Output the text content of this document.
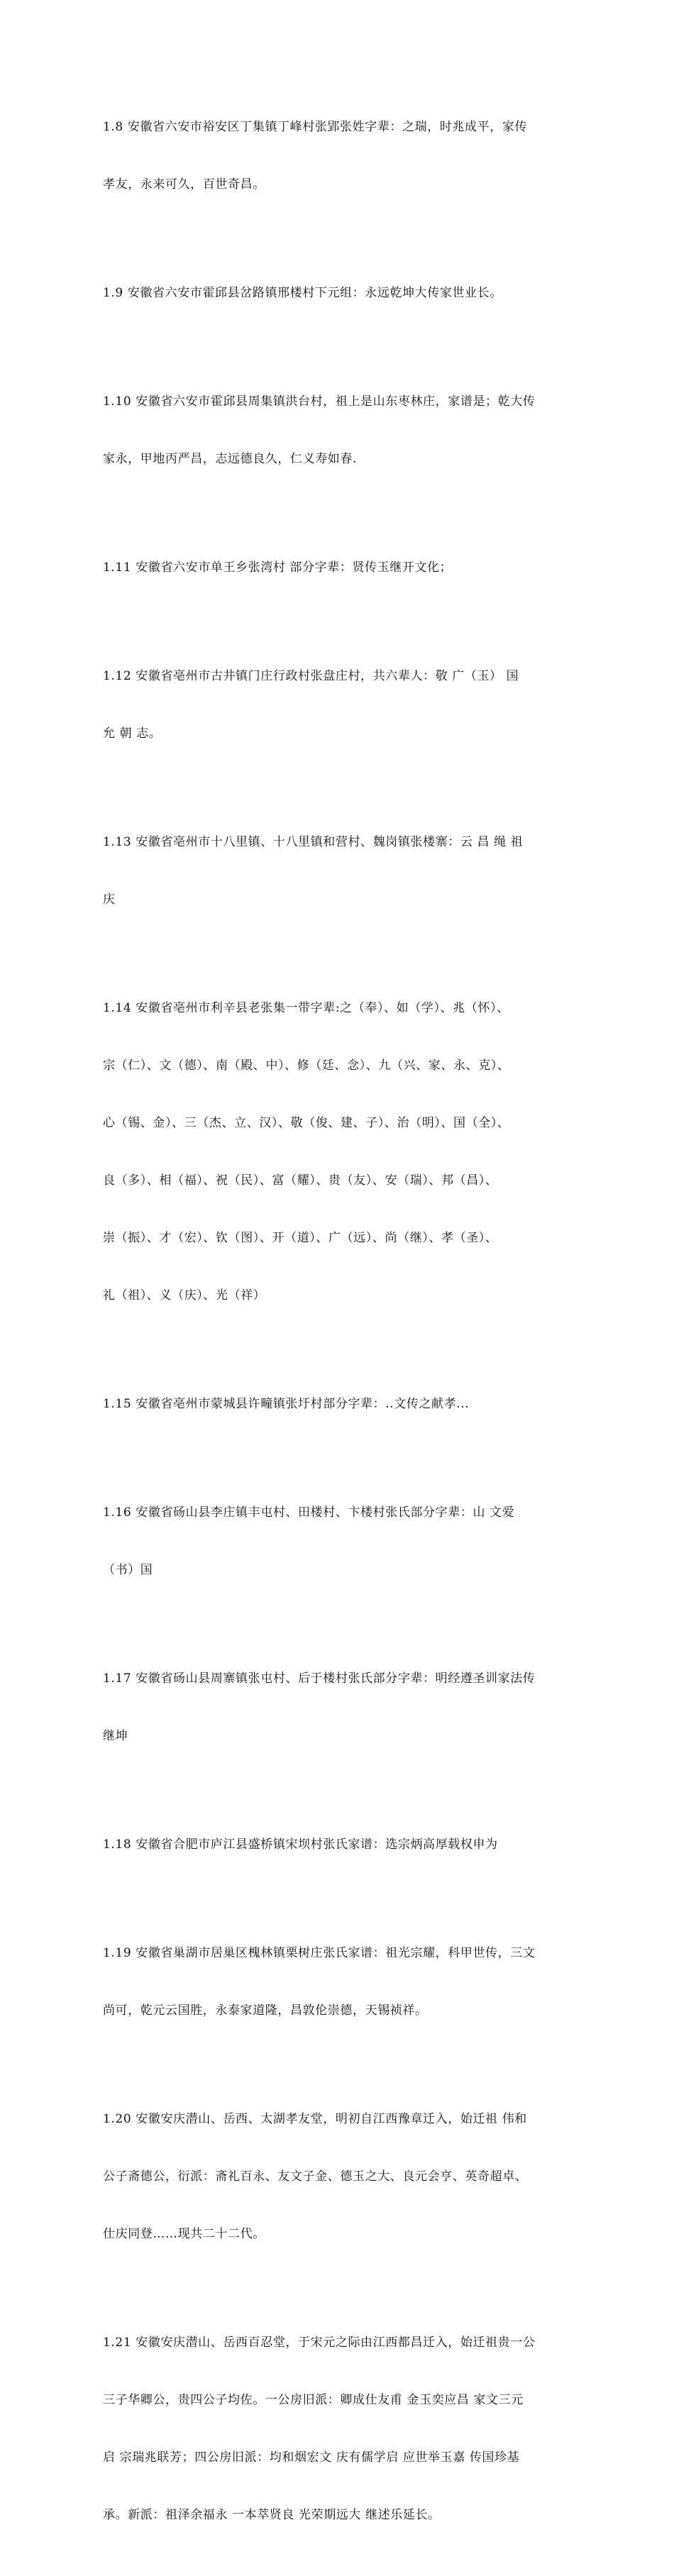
1.8 安徽省六安市裕安区丁集镇丁峰村张郢张姓字辈：之瑞，时兆成平，家传

孝友，永来可久，百世奇昌。

1.9 安徽省六安市霍邱县岔路镇邢楼村下元组：永远乾坤大传家世业长。

1.10 安徽省六安市霍邱县周集镇洪台村，祖上是山东枣林庄，家谱是；乾大传

家永，甲地丙严昌，志远德良久，仁义寿如春.

1.11 安徽省六安市单王乡张湾村 部分字辈：贤传玉继开文化；

1.12 安徽省亳州市古井镇门庄行政村张盘庄村，共六辈人：敬 广（玉） 国

允 朝 志。

1.13 安徽省亳州市十八里镇、十八里镇和营村、魏岗镇张楼寨：云 昌 绳 祖

庆

1.14 安徽省亳州市利辛县老张集一带字辈:之（奉）、如（学）、兆（怀）、

宗（仁）、文（德）、南（殿、中）、修（廷、念）、九（兴、家、永、克）、

心（锡、金）、三（杰、立、汉）、敬（俊、建、子）、治（明）、国（全）、

良（多）、相（福）、祝（民）、富（耀）、贵（友）、安（瑞）、邦（昌）、

崇（振）、才（宏）、钦（图）、开（道）、广（远）、尚（继）、孝（圣）、

礼（祖）、义（庆）、光（祥）

1.15 安徽省亳州市蒙城县许疃镇张圩村部分字辈：..文传之献孝...

1.16 安徽省砀山县李庄镇丰屯村、田楼村、卞楼村张氏部分字辈：山 文爱

（书）国

1.17 安徽省砀山县周寨镇张屯村、后于楼村张氏部分字辈：明经遵圣训家法传

继坤

1.18 安徽省合肥市庐江县盛桥镇宋坝村张氏家谱：选宗炳高厚载权申为

1.19 安徽省巢湖市居巢区槐林镇栗树庄张氏家谱：祖光宗耀，科甲世传，三文

尚可，乾元云国胜，永泰家道隆，昌敦伦崇德，天锡祯祥。

1.20 安徽安庆潜山、岳西、太湖孝友堂，明初自江西豫章迁入，始迁祖 伟和

公子斋德公，衍派：斋礼百永、友文子金、德玉之大、良元会亨、英奇超卓、

仕庆同登……现共二十二代。

1.21 安徽安庆潜山、岳西百忍堂，于宋元之际由江西都昌迁入，始迁祖贵一公

三子华卿公，贵四公子均佐。一公房旧派：卿成仕友甫 金玉奕应昌 家文三元

启 宗瑞兆联芳；四公房旧派：均和烟宏文 庆有儒学启 应世举玉嘉 传国珍基

承。新派：祖泽余福永 一本萃贤良 光荣期远大 继述乐延长。
